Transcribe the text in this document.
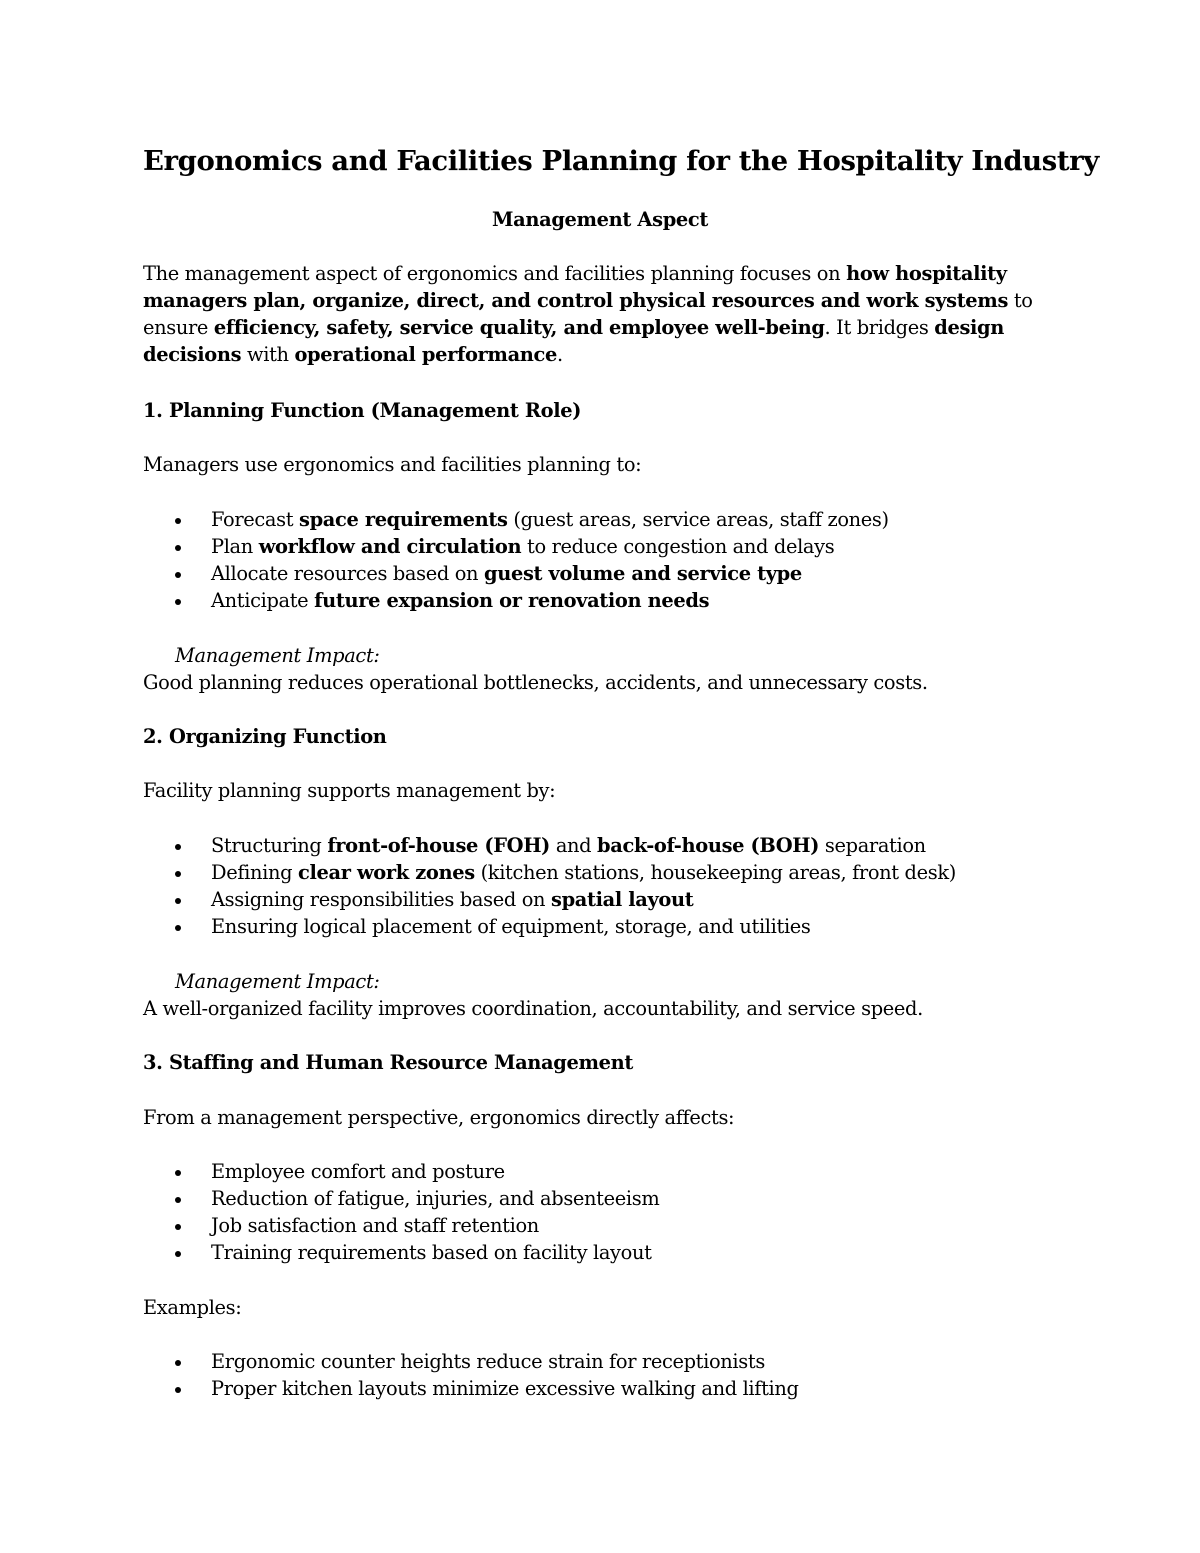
Ergonomics and Facilities Planning for the Hospitality Industry

Management Aspect

The management aspect of ergonomics and facilities planning focuses on how hospitality managers plan, organize, direct, and control physical resources and work systems to ensure efficiency, safety, service quality, and employee well-being. It bridges design decisions with operational performance.

1. Planning Function (Management Role)

Managers use ergonomics and facilities planning to:

Forecast space requirements (guest areas, service areas, staff zones)
Plan workflow and circulation to reduce congestion and delays
Allocate resources based on guest volume and service type
Anticipate future expansion or renovation needs

Management Impact:

Good planning reduces operational bottlenecks, accidents, and unnecessary costs.

2. Organizing Function

Facility planning supports management by:

Structuring front-of-house (FOH) and back-of-house (BOH) separation
Defining clear work zones (kitchen stations, housekeeping areas, front desk)
Assigning responsibilities based on spatial layout
Ensuring logical placement of equipment, storage, and utilities

Management Impact:

A well-organized facility improves coordination, accountability, and service speed.

3. Staffing and Human Resource Management

From a management perspective, ergonomics directly affects:

Employee comfort and posture
Reduction of fatigue, injuries, and absenteeism
Job satisfaction and staff retention
Training requirements based on facility layout

Examples:

Ergonomic counter heights reduce strain for receptionists
Proper kitchen layouts minimize excessive walking and lifting
